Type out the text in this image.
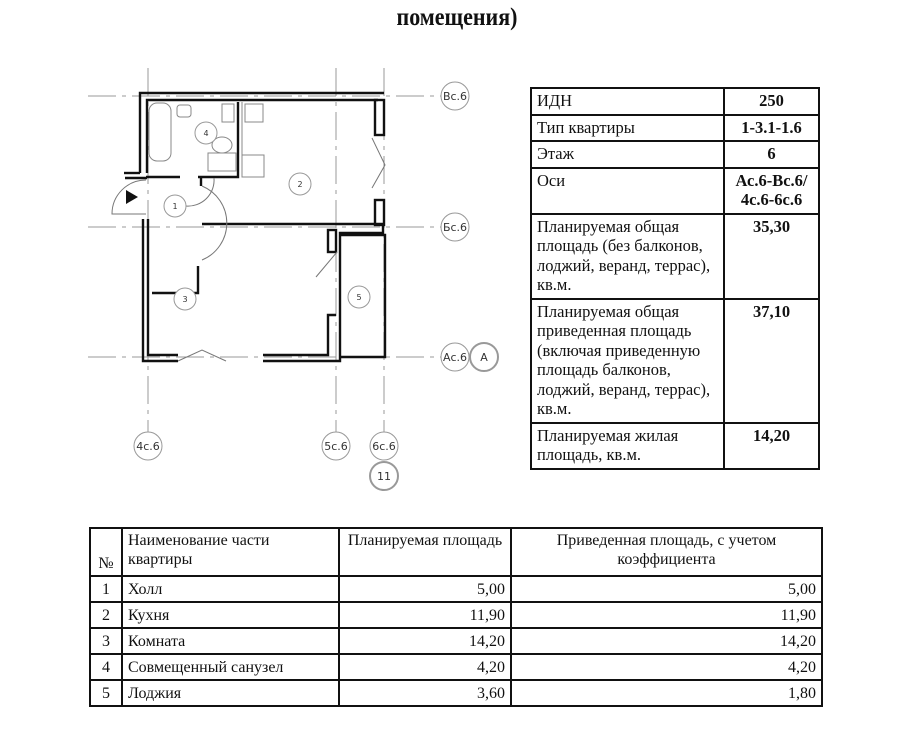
помещения)
1
2
3
4
5
Вс.6
Бс.6
Ас.6 А
4с.6	5с.6 6с.6
11
ИДН	250
Тип квартиры	1-3.1-1.6
Этаж	6
Оси	Ас.6-Вс.6/ 4с.6-6с.6
Планируемая общая площадь (без балконов, лоджий, веранд, террас), кв.м.	35,30
Планируемая общая приведенная площадь (включая приведенную площадь балконов, лоджий, веранд, террас), кв.м.	37,10
Планируемая жилая площадь, кв.м.	14,20
№	Наименование части квартиры	Планируемая площадь	Приведенная площадь, с учетом коэффициента
1	Холл	5,00	5,00
2	Кухня	11,90	11,90
3	Комната	14,20	14,20
4	Совмещенный санузел	4,20	4,20
5	Лоджия	3,60	1,80
